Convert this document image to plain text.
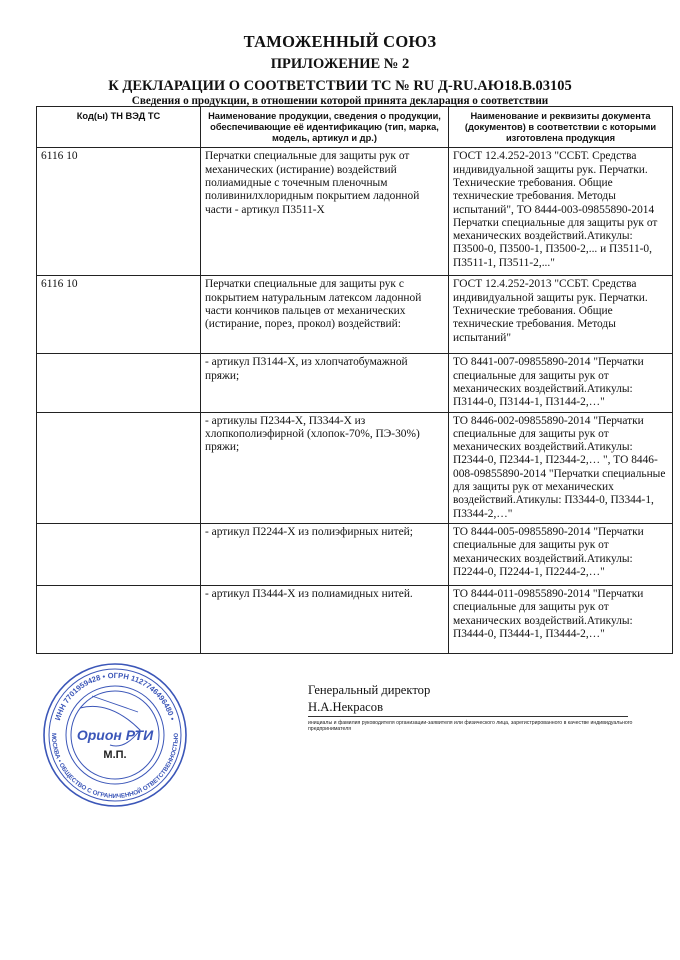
ТАМОЖЕННЫЙ СОЮЗ
ПРИЛОЖЕНИЕ № 2
К ДЕКЛАРАЦИИ О СООТВЕТСТВИИ ТС № RU Д-RU.АЮ18.В.03105
Сведения о продукции, в отношении которой принята декларация о соответствии
Код(ы) ТН ВЭД ТС	Наименование продукции, сведения о продукции, обеспечивающие её идентификацию (тип, марка, модель, артикул и др.)	Наименование и реквизиты документа (документов) в соответствии с которыми изготовлена продукция
6116 10	Перчатки специальные для защиты рук от механических (истирание) воздействий полиамидные с точечным пленочным поливинилхлоридным покрытием ладонной части - артикул П3511-Х	ГОСТ 12.4.252-2013 "ССБТ. Средства индивидуальной защиты рук. Перчатки. Технические требования. Общие технические требования. Методы испытаний", ТО 8444-003-09855890-2014 Перчатки специальные для защиты рук от механических воздействий.Атикулы: П3500-0, П3500-1, П3500-2,... и П3511-0, П3511-1, П3511-2,..."
6116 10	Перчатки специальные для защиты рук с покрытием натуральным латексом ладонной части кончиков пальцев от механических (истирание, порез, прокол) воздействий:	ГОСТ 12.4.252-2013 "ССБТ. Средства индивидуальной защиты рук. Перчатки. Технические требования. Общие технические требования. Методы испытаний"
	- артикул П3144-Х, из хлопчатобумажной пряжи;	ТО 8441-007-09855890-2014 "Перчатки специальные для защиты рук от механических воздействий.Атикулы: П3144-0, П3144-1, П3144-2,…"
	- артикулы П2344-Х, П3344-Х из хлопкополиэфирной (хлопок-70%, ПЭ-30%) пряжи;	ТО 8446-002-09855890-2014 "Перчатки специальные для защиты рук от механических воздействий.Атикулы: П2344-0, П2344-1, П2344-2,… ", ТО 8446-008-09855890-2014 "Перчатки специальные для защиты рук от механических воздействий.Атикулы: П3344-0, П3344-1, П3344-2,…"
	- артикул П2244-Х из полиэфирных нитей;	ТО 8444-005-09855890-2014 "Перчатки специальные для защиты рук от механических воздействий.Атикулы: П2244-0, П2244-1, П2244-2,…"
	- артикул П3444-Х из полиамидных нитей.	ТО 8444-011-09855890-2014 "Перчатки специальные для защиты рук от механических воздействий.Атикулы: П3444-0, П3444-1, П3444-2,…"
Генеральный директор
Н.А.Некрасов
инициалы и фамилия руководителя организации-заявителя или физического лица, зарегистрированного в качестве индивидуального предпринимателя
ИНН 7701959428 • ОГРН 1127746496480 •
МОСКВА • ОБЩЕСТВО С ОГРАНИЧЕННОЙ ОТВЕТСТВЕННОСТЬЮ
Орион РТИ
М.П.
